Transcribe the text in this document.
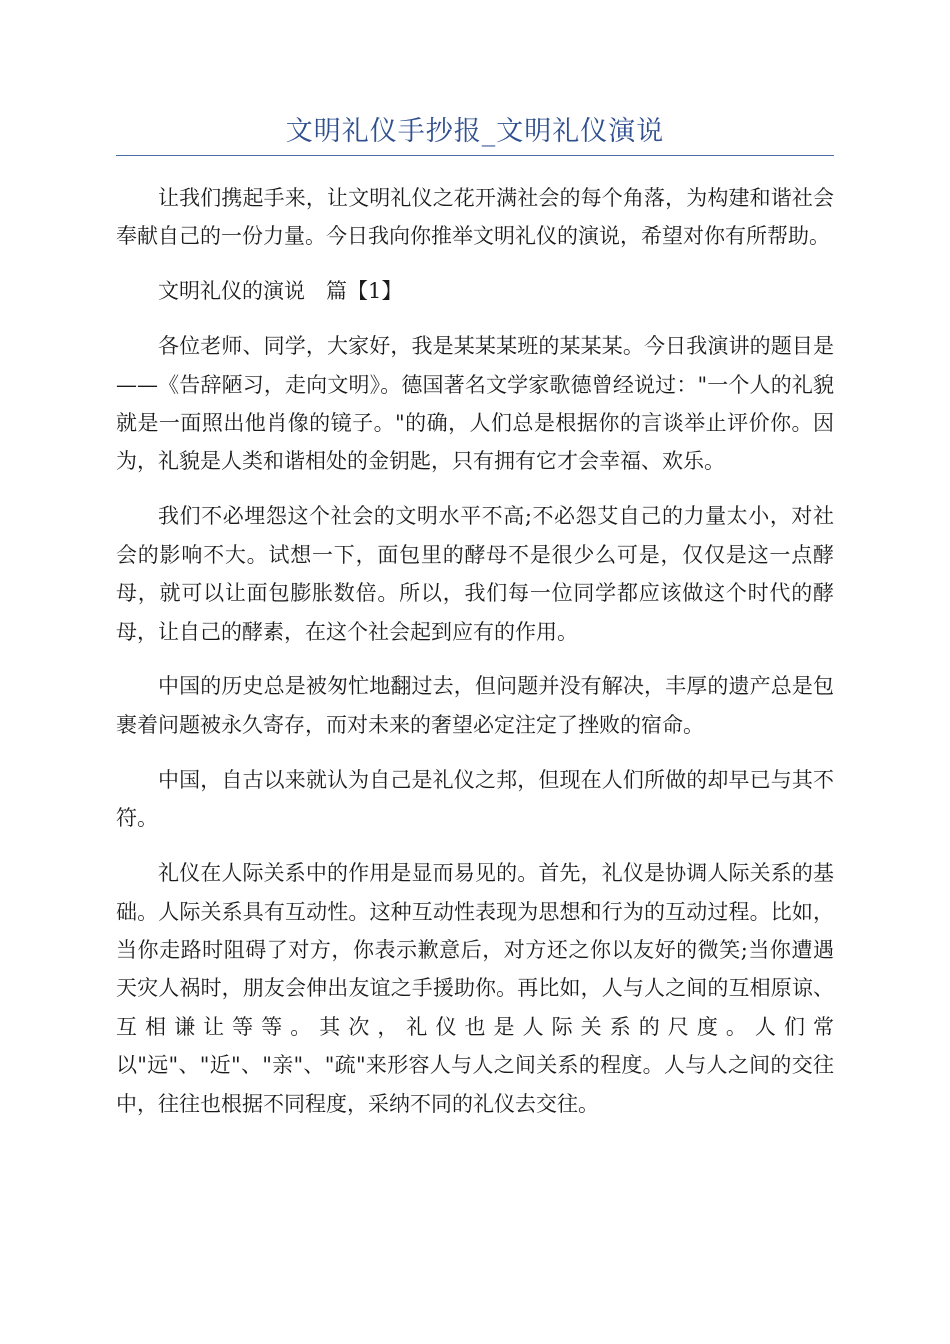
文明礼仪手抄报_文明礼仪演说

让我们携起手来，让文明礼仪之花开满社会的每个角落，为构建和谐社会奉献自己的一份力量。今日我向你推举文明礼仪的演说，希望对你有所帮助。

文明礼仪的演说　篇【1】

各位老师、同学，大家好，我是某某某班的某某某。今日我演讲的题目是——《告辞陋习，走向文明》。德国著名文学家歌德曾经说过："一个人的礼貌就是一面照出他肖像的镜子。"的确，人们总是根据你的言谈举止评价你。因为，礼貌是人类和谐相处的金钥匙，只有拥有它才会幸福、欢乐。

我们不必埋怨这个社会的文明水平不高;不必怨艾自己的力量太小，对社会的影响不大。试想一下，面包里的酵母不是很少么可是，仅仅是这一点酵母，就可以让面包膨胀数倍。所以，我们每一位同学都应该做这个时代的酵母，让自己的酵素，在这个社会起到应有的作用。

中国的历史总是被匆忙地翻过去，但问题并没有解决，丰厚的遗产总是包裹着问题被永久寄存，而对未来的奢望必定注定了挫败的宿命。

中国，自古以来就认为自己是礼仪之邦，但现在人们所做的却早已与其不符。

礼仪在人际关系中的作用是显而易见的。首先，礼仪是协调人际关系的基础。人际关系具有互动性。这种互动性表现为思想和行为的互动过程。比如，当你走路时阻碍了对方，你表示歉意后，对方还之你以友好的微笑;当你遭遇天灾人祸时，朋友会伸出友谊之手援助你。再比如，人与人之间的互相原谅、互相谦让等等。其次，礼仪也是人际关系的尺度。人们常以"远"、"近"、"亲"、"疏"来形容人与人之间关系的程度。人与人之间的交往中，往往也根据不同程度，采纳不同的礼仪去交往。
